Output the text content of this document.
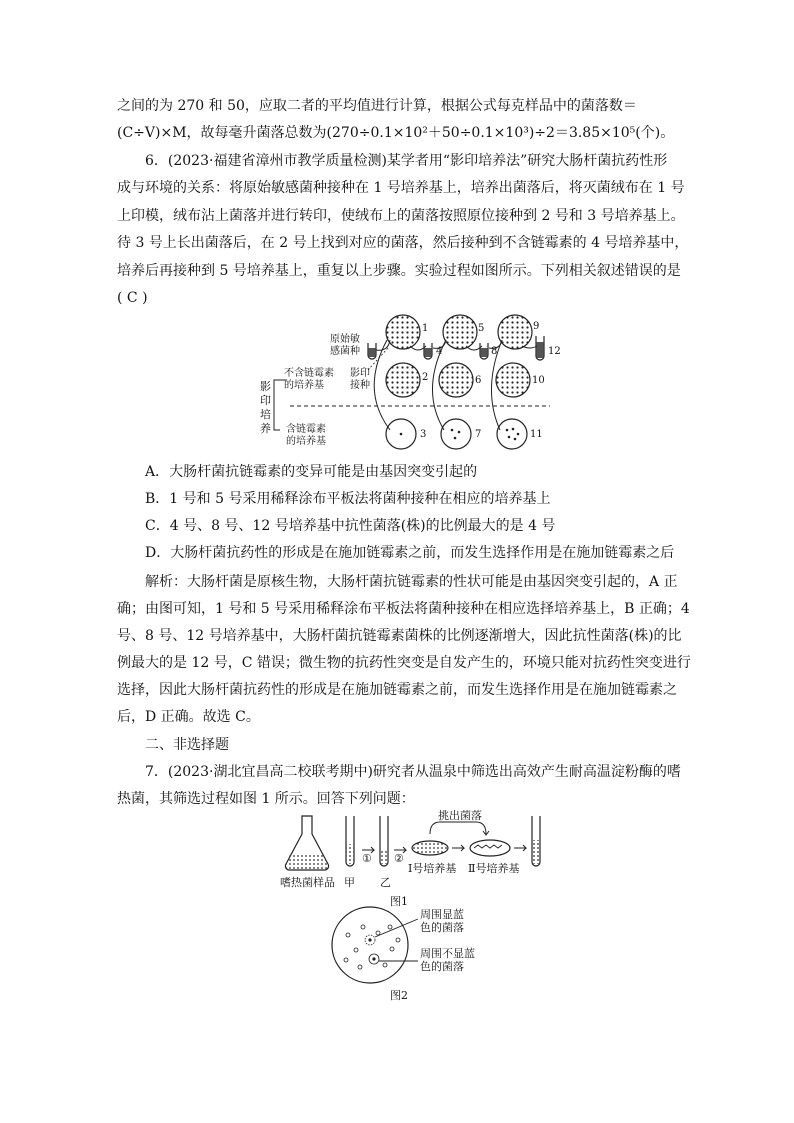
之间的为 270 和 50，应取二者的平均值进行计算，根据公式每克样品中的菌落数＝
(C÷V)×M，故每毫升菌落总数为(270÷0.1×10²＋50÷0.1×10³)÷2＝3.85×10⁵(个)。
6．(2023·福建省漳州市教学质量检测)某学者用“影印培养法”研究大肠杆菌抗药性形
成与环境的关系：将原始敏感菌种接种在 1 号培养基上，培养出菌落后，将灭菌绒布在 1 号
上印模，绒布沾上菌落并进行转印，使绒布上的菌落按照原位接种到 2 号和 3 号培养基上。
待 3 号上长出菌落后，在 2 号上找到对应的菌落，然后接种到不含链霉素的 4 号培养基中，
培养后再接种到 5 号培养基上，重复以上步骤。实验过程如图所示。下列相关叙述错误的是
( C )
原始敏
感菌种
不含链霉素
的培养基
影印
接种
影
印
培
养 含链霉素
的培养基
1
2
3
4
5
6
7
8
9
10
11
12
A．大肠杆菌抗链霉素的变异可能是由基因突变引起的
B．1 号和 5 号采用稀释涂布平板法将菌种接种在相应的培养基上
C．4 号、8 号、12 号培养基中抗性菌落(株)的比例最大的是 4 号
D．大肠杆菌抗药性的形成是在施加链霉素之前，而发生选择作用是在施加链霉素之后
解析：大肠杆菌是原核生物，大肠杆菌抗链霉素的性状可能是由基因突变引起的，A 正
确；由图可知，1 号和 5 号采用稀释涂布平板法将菌种接种在相应选择培养基上，B 正确；4
号、8 号、12 号培养基中，大肠杆菌抗链霉素菌株的比例逐渐增大，因此抗性菌落(株)的比
例最大的是 12 号，C 错误；微生物的抗药性突变是自发产生的，环境只能对抗药性突变进行
选择，因此大肠杆菌抗药性的形成是在施加链霉素之前，而发生选择作用是在施加链霉素之
后，D 正确。故选 C。
二、非选择题
7．(2023·湖北宜昌高二校联考期中)研究者从温泉中筛选出高效产生耐高温淀粉酶的嗜
热菌，其筛选过程如图 1 所示。回答下列问题：
挑出菌落
嗜热菌样品 甲
①
乙
②
Ⅰ号培养基 Ⅱ号培养基
图1
周围显蓝
色的菌落
周围不显蓝
色的菌落
图2
